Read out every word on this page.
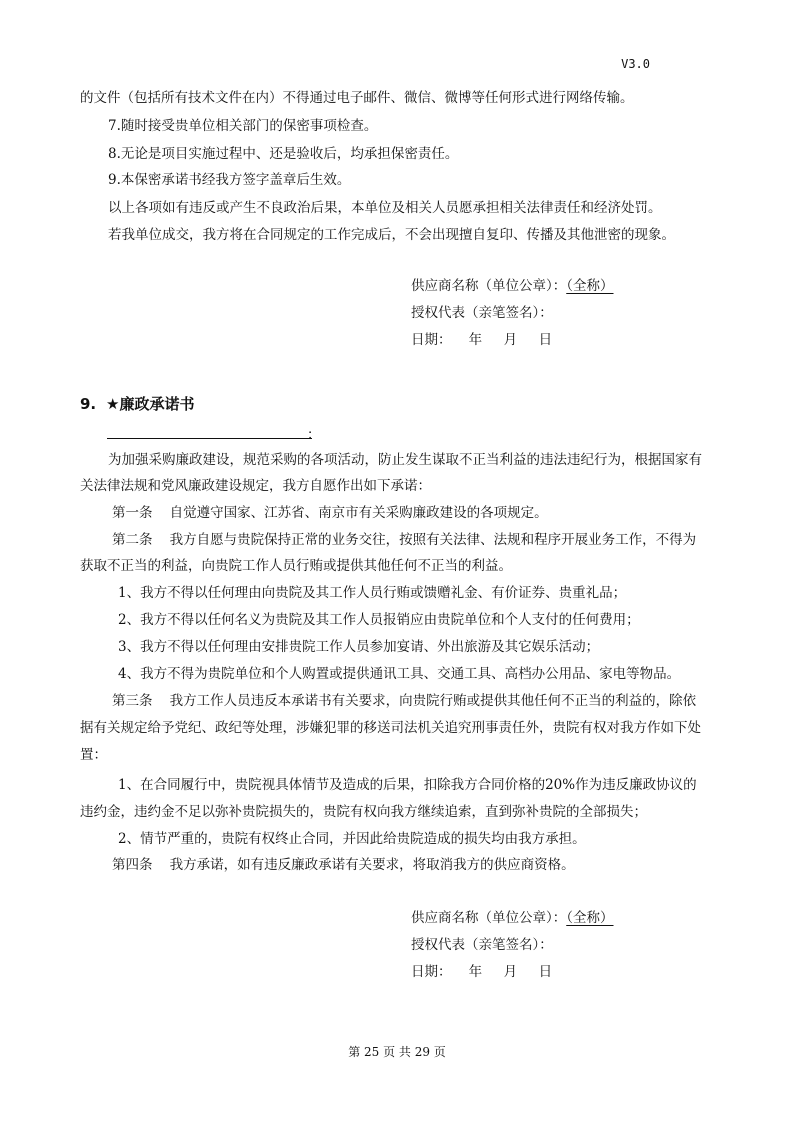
V3.0
的文件（包括所有技术文件在内）不得通过电子邮件、微信、微博等任何形式进行网络传输。
7.随时接受贵单位相关部门的保密事项检查。
8.无论是项目实施过程中、还是验收后，均承担保密责任。
9.本保密承诺书经我方签字盖章后生效。
以上各项如有违反或产生不良政治后果，本单位及相关人员愿承担相关法律责任和经济处罚。
若我单位成交，我方将在合同规定的工作完成后，不会出现擅自复印、传播及其他泄密的现象。
供应商名称（单位公章）：（全称）
授权代表（亲笔签名）：
日期：    年     月     日
9. ★廉政承诺书
：
为加强采购廉政建设，规范采购的各项活动，防止发生谋取不正当利益的违法违纪行为，根据国家有
关法律法规和党风廉政建设规定，我方自愿作出如下承诺：
第一条    自觉遵守国家、江苏省、南京市有关采购廉政建设的各项规定。
第二条    我方自愿与贵院保持正常的业务交往，按照有关法律、法规和程序开展业务工作，不得为
获取不正当的利益，向贵院工作人员行贿或提供其他任何不正当的利益。
1、我方不得以任何理由向贵院及其工作人员行贿或馈赠礼金、有价证券、贵重礼品；
2、我方不得以任何名义为贵院及其工作人员报销应由贵院单位和个人支付的任何费用；
3、我方不得以任何理由安排贵院工作人员参加宴请、外出旅游及其它娱乐活动；
4、我方不得为贵院单位和个人购置或提供通讯工具、交通工具、高档办公用品、家电等物品。
第三条    我方工作人员违反本承诺书有关要求，向贵院行贿或提供其他任何不正当的利益的，除依
据有关规定给予党纪、政纪等处理，涉嫌犯罪的移送司法机关追究刑事责任外，贵院有权对我方作如下处
置：
1、在合同履行中，贵院视具体情节及造成的后果，扣除我方合同价格的20%作为违反廉政协议的
违约金，违约金不足以弥补贵院损失的，贵院有权向我方继续追索，直到弥补贵院的全部损失；
2、情节严重的，贵院有权终止合同，并因此给贵院造成的损失均由我方承担。
第四条    我方承诺，如有违反廉政承诺有关要求，将取消我方的供应商资格。
供应商名称（单位公章）：（全称）
授权代表（亲笔签名）：
日期：    年     月     日
第 25 页 共 29 页
